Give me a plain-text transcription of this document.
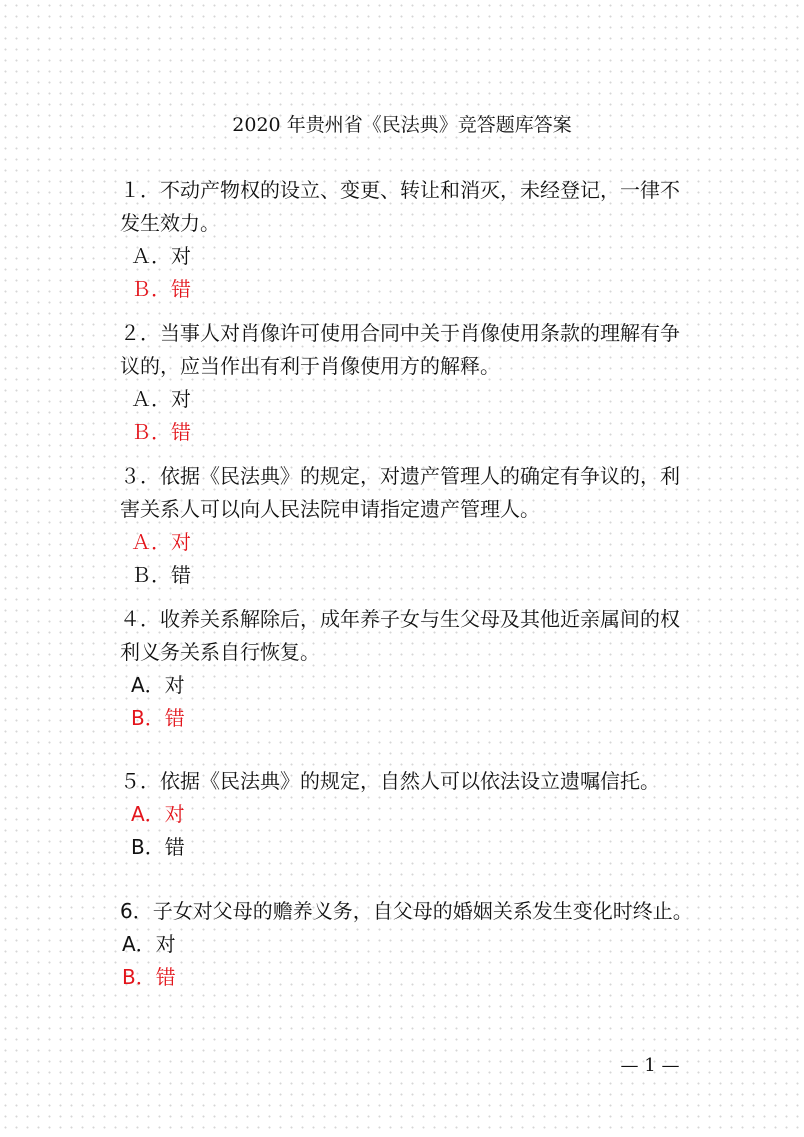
2020 年贵州省《民法典》竞答题库答案

１．不动产物权的设立、变更、转让和消灭，未经登记，一律不发生效力。

Ａ．对

Ｂ．错

２．当事人对肖像许可使用合同中关于肖像使用条款的理解有争议的，应当作出有利于肖像使用方的解释。

Ａ．对

Ｂ．错

３．依据《民法典》的规定，对遗产管理人的确定有争议的，利害关系人可以向人民法院申请指定遗产管理人。

Ａ．对

Ｂ．错

４．收养关系解除后，成年养子女与生父母及其他近亲属间的权利义务关系自行恢复。

A．对

B．错

５．依据《民法典》的规定，自然人可以依法设立遗嘱信托。

A．对

B．错

6．子女对父母的赡养义务，自父母的婚姻关系发生变化时终止。

A．对

B．错

— 1 —
